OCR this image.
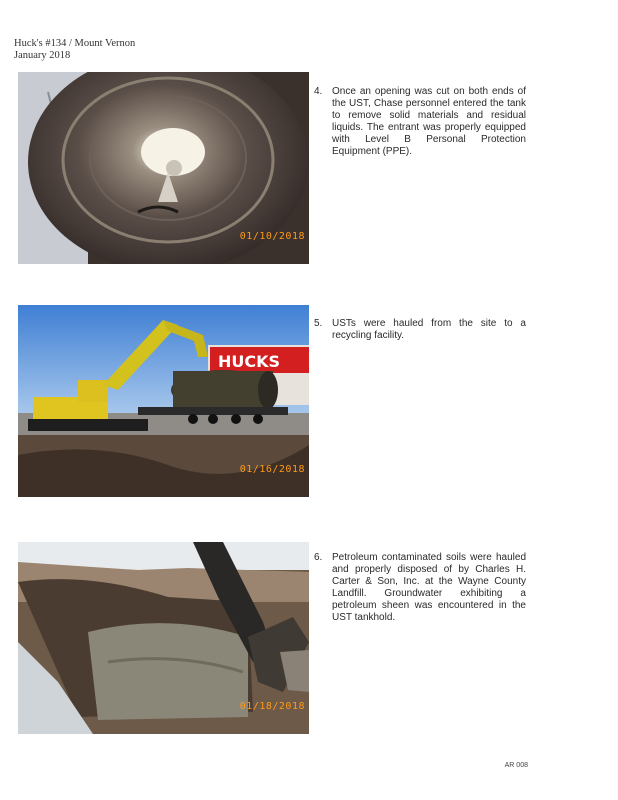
Huck's #134 / Mount Vernon
January 2018
01/10/2018
4. Once an opening was cut on both ends of the UST, Chase personnel entered the tank to remove solid materials and residual liquids. The entrant was properly equipped with Level B Personal Protection Equipment (PPE).
HUCKS
01/16/2018
5. USTs were hauled from the site to a recycling facility.
01/18/2018
6. Petroleum contaminated soils were hauled and properly disposed of by Charles H. Carter & Son, Inc. at the Wayne County Landfill. Groundwater exhibiting a petroleum sheen was encountered in the UST tankhold.
AR 008
